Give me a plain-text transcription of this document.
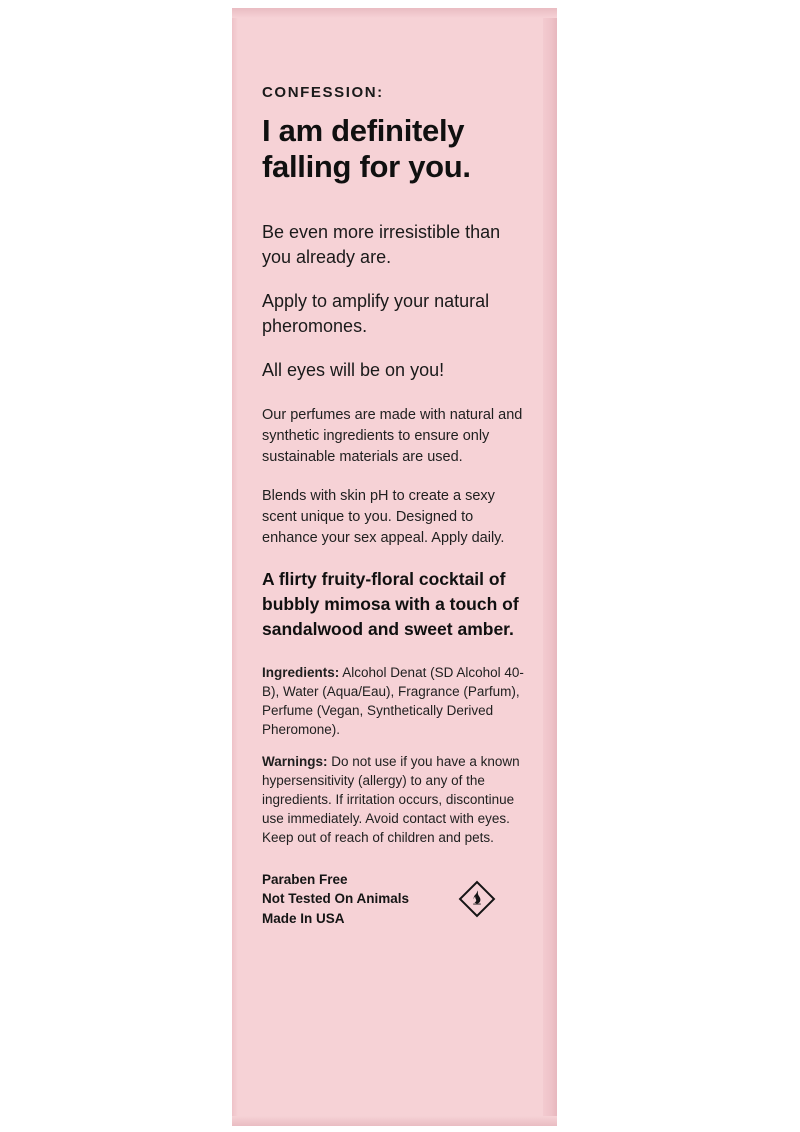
CONFESSION:

I am definitely falling for you.

Be even more irresistible than you already are.

Apply to amplify your natural pheromones.

All eyes will be on you!

Our perfumes are made with natural and synthetic ingredients to ensure only sustainable materials are used.

Blends with skin pH to create a sexy scent unique to you. Designed to enhance your sex appeal. Apply daily.

A flirty fruity-floral cocktail of bubbly mimosa with a touch of sandalwood and sweet amber.

Ingredients: Alcohol Denat (SD Alcohol 40-B), Water (Aqua/Eau), Fragrance (Parfum), Perfume (Vegan, Synthetically Derived Pheromone).

Warnings: Do not use if you have a known hypersensitivity (allergy) to any of the ingredients. If irritation occurs, discontinue use immediately. Avoid contact with eyes. Keep out of reach of children and pets.

Paraben Free
Not Tested On Animals
Made In USA
